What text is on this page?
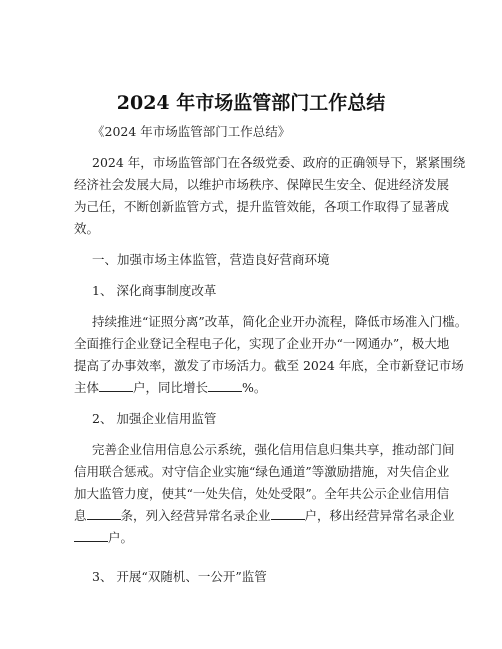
2024 年市场监管部门工作总结
《2024 年市场监管部门工作总结》
2024 年，市场监管部门在各级党委、政府的正确领导下，紧紧围绕
经济社会发展大局，以维护市场秩序、保障民生安全、促进经济发展
为己任，不断创新监管方式，提升监管效能，各项工作取得了显著成
效。
一、加强市场主体监管，营造良好营商环境
1、 深化商事制度改革
持续推进“证照分离”改革，简化企业开办流程，降低市场准入门槛。
全面推行企业登记全程电子化，实现了企业开办“一网通办”，极大地
提高了办事效率，激发了市场活力。截至 2024 年底，全市新登记市场
主体	户，同比增长	%。
2、 加强企业信用监管
完善企业信用信息公示系统，强化信用信息归集共享，推动部门间
信用联合惩戒。对守信企业实施“绿色通道”等激励措施，对失信企业
加大监管力度，使其“一处失信，处处受限”。全年共公示企业信用信
息	条，列入经营异常名录企业	户，移出经营异常名录企业
户。
3、 开展“双随机、一公开”监管
